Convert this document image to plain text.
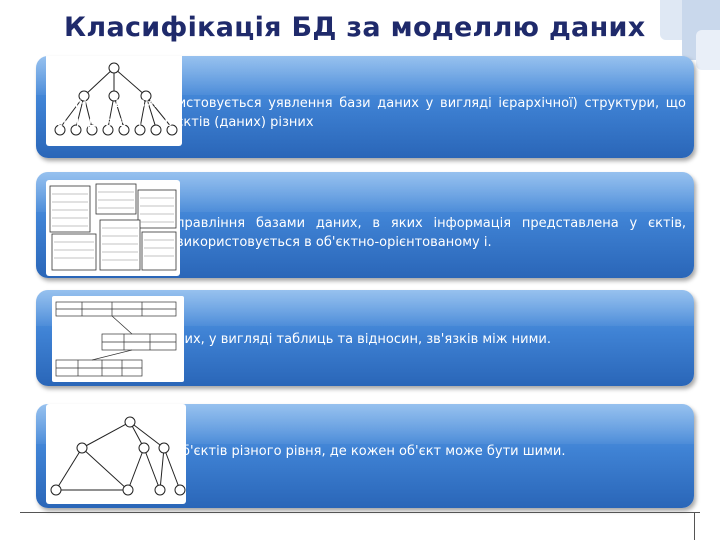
Класифікація БД за моделлю даних
• аних, де використовується уявлення бази даних у вигляді ієрархічної) структури, що складається з об'єктів (даних) різних
правління базами даних, в яких інформація представлена у єктів, використовується в об'єктно-орієнтованому і.
них, у вигляді таблиць та відносин, зв'язків між ними.
об'єктів різного рівня, де кожен об'єкт може бути шими.
